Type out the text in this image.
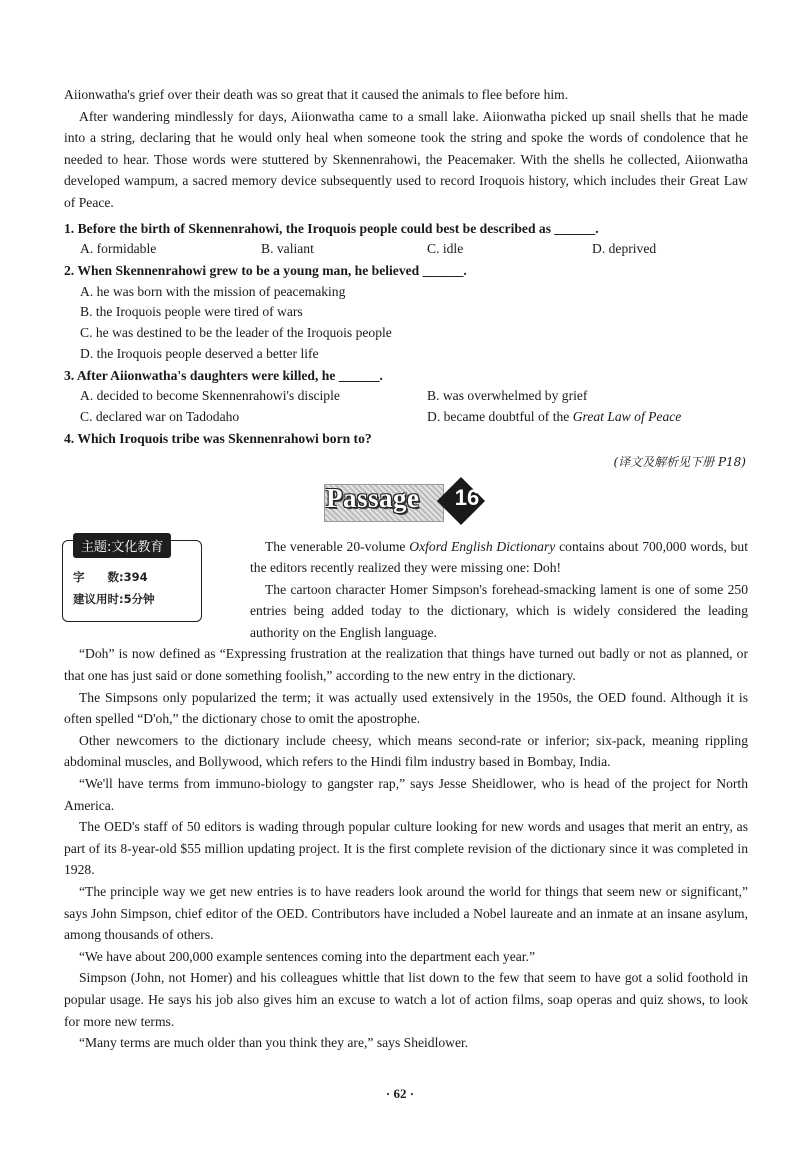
Aiionwatha's grief over their death was so great that it caused the animals to flee before him.

After wandering mindlessly for days, Aiionwatha came to a small lake. Aiionwatha picked up snail shells that he made into a string, declaring that he would only heal when someone took the string and spoke the words of condolence that he needed to hear. Those words were stuttered by Skennenrahowi, the Peacemaker. With the shells he collected, Aiionwatha developed wampum, a sacred memory device subsequently used to record Iroquois history, which includes their Great Law of Peace.

1. Before the birth of Skennenrahowi, the Iroquois people could best be described as ______.

A. formidable	B. valiant	C. idle	D. deprived

2. When Skennenrahowi grew to be a young man, he believed ______.

A. he was born with the mission of peacemaking
B. the Iroquois people were tired of wars
C. he was destined to be the leader of the Iroquois people
D. the Iroquois people deserved a better life

3. After Aiionwatha's daughters were killed, he ______.

A. decided to become Skennenrahowi's disciple	B. was overwhelmed by grief
C. declared war on Tadodaho	D. became doubtful of the Great Law of Peace

4. Which Iroquois tribe was Skennenrahowi born to?

(译文及解析见下册 P18)
Passage	16
主题:文化教育
字　　数:394
建议用时:5分钟

The venerable 20-volume Oxford English Dictionary contains about 700,000 words, but the editors recently realized they were missing one: Doh!

The cartoon character Homer Simpson's forehead-smacking lament is one of some 250 entries being added today to the dictionary, which is widely considered the leading authority on the English language.

“Doh” is now defined as “Expressing frustration at the realization that things have turned out badly or not as planned, or that one has just said or done something foolish,” according to the new entry in the dictionary.

The Simpsons only popularized the term; it was actually used extensively in the 1950s, the OED found. Although it is often spelled “D'oh,” the dictionary chose to omit the apostrophe.

Other newcomers to the dictionary include cheesy, which means second-rate or inferior; six-pack, meaning rippling abdominal muscles, and Bollywood, which refers to the Hindi film industry based in Bombay, India.

“We'll have terms from immuno-biology to gangster rap,” says Jesse Sheidlower, who is head of the project for North America.

The OED's staff of 50 editors is wading through popular culture looking for new words and usages that merit an entry, as part of its 8-year-old $55 million updating project. It is the first complete revision of the dictionary since it was completed in 1928.

“The principle way we get new entries is to have readers look around the world for things that seem new or significant,” says John Simpson, chief editor of the OED. Contributors have included a Nobel laureate and an inmate at an insane asylum, among thousands of others.

“We have about 200,000 example sentences coming into the department each year.”

Simpson (John, not Homer) and his colleagues whittle that list down to the few that seem to have got a solid foothold in popular usage. He says his job also gives him an excuse to watch a lot of action films, soap operas and quiz shows, to look for more new terms.

“Many terms are much older than you think they are,” says Sheidlower.

· 62 ·
